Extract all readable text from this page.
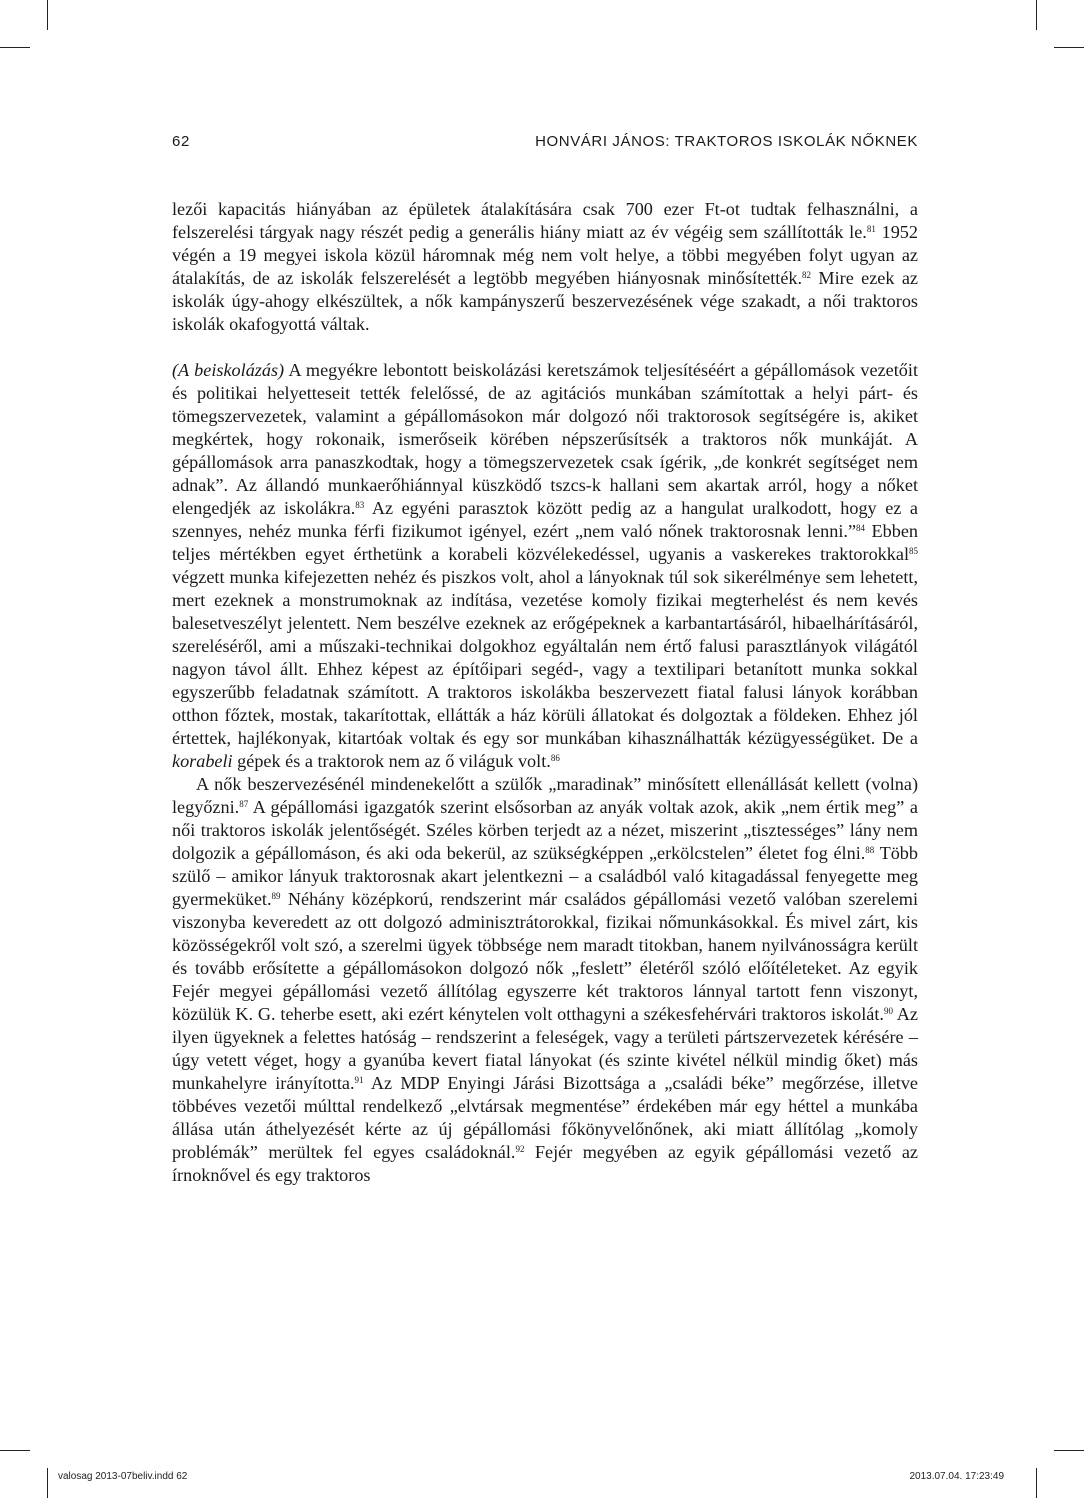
62	HONVÁRI JÁNOS: TRAKTOROS ISKOLÁK NŐKNEK

lezői kapacitás hiányában az épületek átalakítására csak 700 ezer Ft-ot tudtak felhasználni, a felszerelési tárgyak nagy részét pedig a generális hiány miatt az év végéig sem szállították le.$^{81}$ 1952 végén a 19 megyei iskola közül háromnak még nem volt helye, a többi megyében folyt ugyan az átalakítás, de az iskolák felszerelését a legtöbb megyében hiányosnak minősítették.$^{82}$ Mire ezek az iskolák úgy-ahogy elkészültek, a nők kampányszerű beszervezésének vége szakadt, a női traktoros iskolák okafogyottá váltak.

(A beiskolázás) A megyékre lebontott beiskolázási keretszámok teljesítéséért a gépállomások vezetőit és politikai helyetteseit tették felelőssé, de az agitációs munkában számítottak a helyi párt- és tömegszervezetek, valamint a gépállomásokon már dolgozó női traktorosok segítségére is, akiket megkértek, hogy rokonaik, ismerőseik körében népszerűsítsék a traktoros nők munkáját. A gépállomások arra panaszkodtak, hogy a tömegszervezetek csak ígérik, „de konkrét segítséget nem adnak”. Az állandó munkaerőhiánnyal küszködő tszcs-k hallani sem akartak arról, hogy a nőket elengedjék az iskolákra.$^{83}$ Az egyéni parasztok között pedig az a hangulat uralkodott, hogy ez a szennyes, nehéz munka férfi fizikumot igényel, ezért „nem való nőnek traktorosnak lenni.”$^{84}$ Ebben teljes mértékben egyet érthetünk a korabeli közvélekedéssel, ugyanis a vaskerekes traktorokkal$^{85}$ végzett munka kifejezetten nehéz és piszkos volt, ahol a lányoknak túl sok sikerélménye sem lehetett, mert ezeknek a monstrumoknak az indítása, vezetése komoly fizikai megterhelést és nem kevés balesetveszélyt jelentett. Nem beszélve ezeknek az erőgépeknek a karbantartásáról, hibaelhárításáról, szereléséről, ami a műszaki-technikai dolgokhoz egyáltalán nem értő falusi parasztlányok világától nagyon távol állt. Ehhez képest az építőipari segéd-, vagy a textilipari betanított munka sokkal egyszerűbb feladatnak számított. A traktoros iskolákba beszervezett fiatal falusi lányok korábban otthon főztek, mostak, takarítottak, ellátták a ház körüli állatokat és dolgoztak a földeken. Ehhez jól értettek, hajlékonyak, kitartóak voltak és egy sor munkában kihasználhatták kézügyességüket. De a korabeli gépek és a traktorok nem az ő világuk volt.$^{86}$

A nők beszervezésénél mindenekelőtt a szülők „maradinak” minősített ellenállását kellett (volna) legyőzni.$^{87}$ A gépállomási igazgatók szerint elsősorban az anyák voltak azok, akik „nem értik meg” a női traktoros iskolák jelentőségét. Széles körben terjedt az a nézet, miszerint „tisztességes” lány nem dolgozik a gépállomáson, és aki oda bekerül, az szükségképpen „erkölcstelen” életet fog élni.$^{88}$ Több szülő – amikor lányuk traktorosnak akart jelentkezni – a családból való kitagadással fenyegette meg gyermeküket.$^{89}$ Néhány középkorú, rendszerint már családos gépállomási vezető valóban szerelemi viszonyba keveredett az ott dolgozó adminisztrátorokkal, fizikai nőmunkásokkal. És mivel zárt, kis közösségekről volt szó, a szerelmi ügyek többsége nem maradt titokban, hanem nyilvánosságra került és tovább erősítette a gépállomásokon dolgozó nők „feslett” életéről szóló előítéleteket. Az egyik Fejér megyei gépállomási vezető állítólag egyszerre két traktoros lánnyal tartott fenn viszonyt, közülük K. G. teherbe esett, aki ezért kénytelen volt otthagyni a székesfehérvári traktoros iskolát.$^{90}$ Az ilyen ügyeknek a felettes hatóság – rendszerint a feleségek, vagy a területi pártszervezetek kérésére – úgy vetett véget, hogy a gyanúba kevert fiatal lányokat (és szinte kivétel nélkül mindig őket) más munkahelyre irányította.$^{91}$ Az MDP Enyingi Járási Bizottsága a „családi béke” megőrzése, illetve többéves vezetői múlttal rendelkező „elvtársak megmentése” érdekében már egy héttel a munkába állása után áthelyezését kérte az új gépállomási főkönyvelőnőnek, aki miatt állítólag „komoly problémák” merültek fel egyes családoknál.$^{92}$ Fejér megyében az egyik gépállomási vezető az írnoknővel és egy traktoros

valosag 2013-07beliv.indd 62	2013.07.04. 17:23:49
